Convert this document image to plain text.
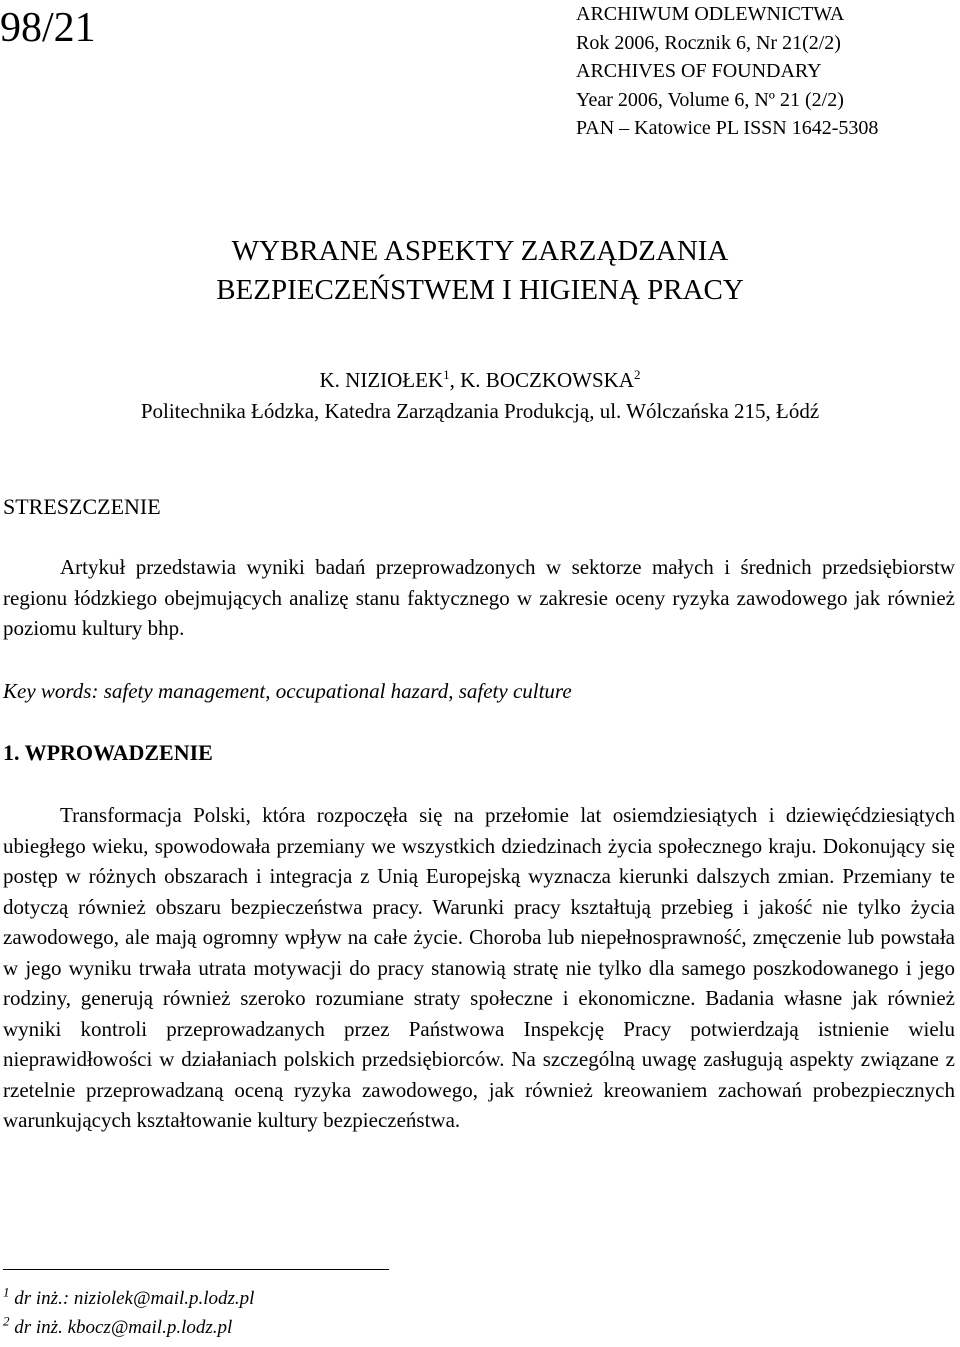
98/21	ARCHIWUM ODLEWNICTWA
Rok 2006, Rocznik 6, Nr 21(2/2)
ARCHIVES OF FOUNDARY
Year 2006, Volume 6, Nº 21 (2/2)
PAN – Katowice PL ISSN 1642-5308
WYBRANE ASPEKTY ZARZĄDZANIA
BEZPIECZEŃSTWEM I HIGIENĄ PRACY
K. NIZIOŁEK$^1$, K. BOCZKOWSKA$^2$
Politechnika Łódzka, Katedra Zarządzania Produkcją, ul. Wólczańska 215, Łódź
STRESZCZENIE
Artykuł przedstawia wyniki badań przeprowadzonych w sektorze małych i średnich przedsiębiorstw regionu łódzkiego obejmujących analizę stanu faktycznego w zakresie oceny ryzyka zawodowego jak również poziomu kultury bhp.
Key words: safety management, occupational hazard, safety culture
1. WPROWADZENIE
Transformacja Polski, która rozpoczęła się na przełomie lat osiemdziesiątych i dziewięćdziesiątych ubiegłego wieku, spowodowała przemiany we wszystkich dziedzinach życia społecznego kraju. Dokonujący się postęp w różnych obszarach i integracja z Unią Europejską wyznacza kierunki dalszych zmian. Przemiany te dotyczą również obszaru bezpieczeństwa pracy. Warunki pracy kształtują przebieg i jakość nie tylko życia zawodowego, ale mają ogromny wpływ na całe życie. Choroba lub niepełnosprawność, zmęczenie lub powstała w jego wyniku trwała utrata motywacji do pracy stanowią stratę nie tylko dla samego poszkodowanego i jego rodziny, generują również szeroko rozumiane straty społeczne i ekonomiczne. Badania własne jak również wyniki kontroli przeprowadzanych przez Państwowa Inspekcję Pracy potwierdzają istnienie wielu nieprawidłowości w działaniach polskich przedsiębiorców. Na szczególną uwagę zasługują aspekty związane z rzetelnie przeprowadzaną oceną ryzyka zawodowego, jak również kreowaniem zachowań probezpiecznych warunkujących kształtowanie kultury bezpieczeństwa.
$^1$ dr inż.: niziolek@mail.p.lodz.pl
$^2$ dr inż. kbocz@mail.p.lodz.pl
